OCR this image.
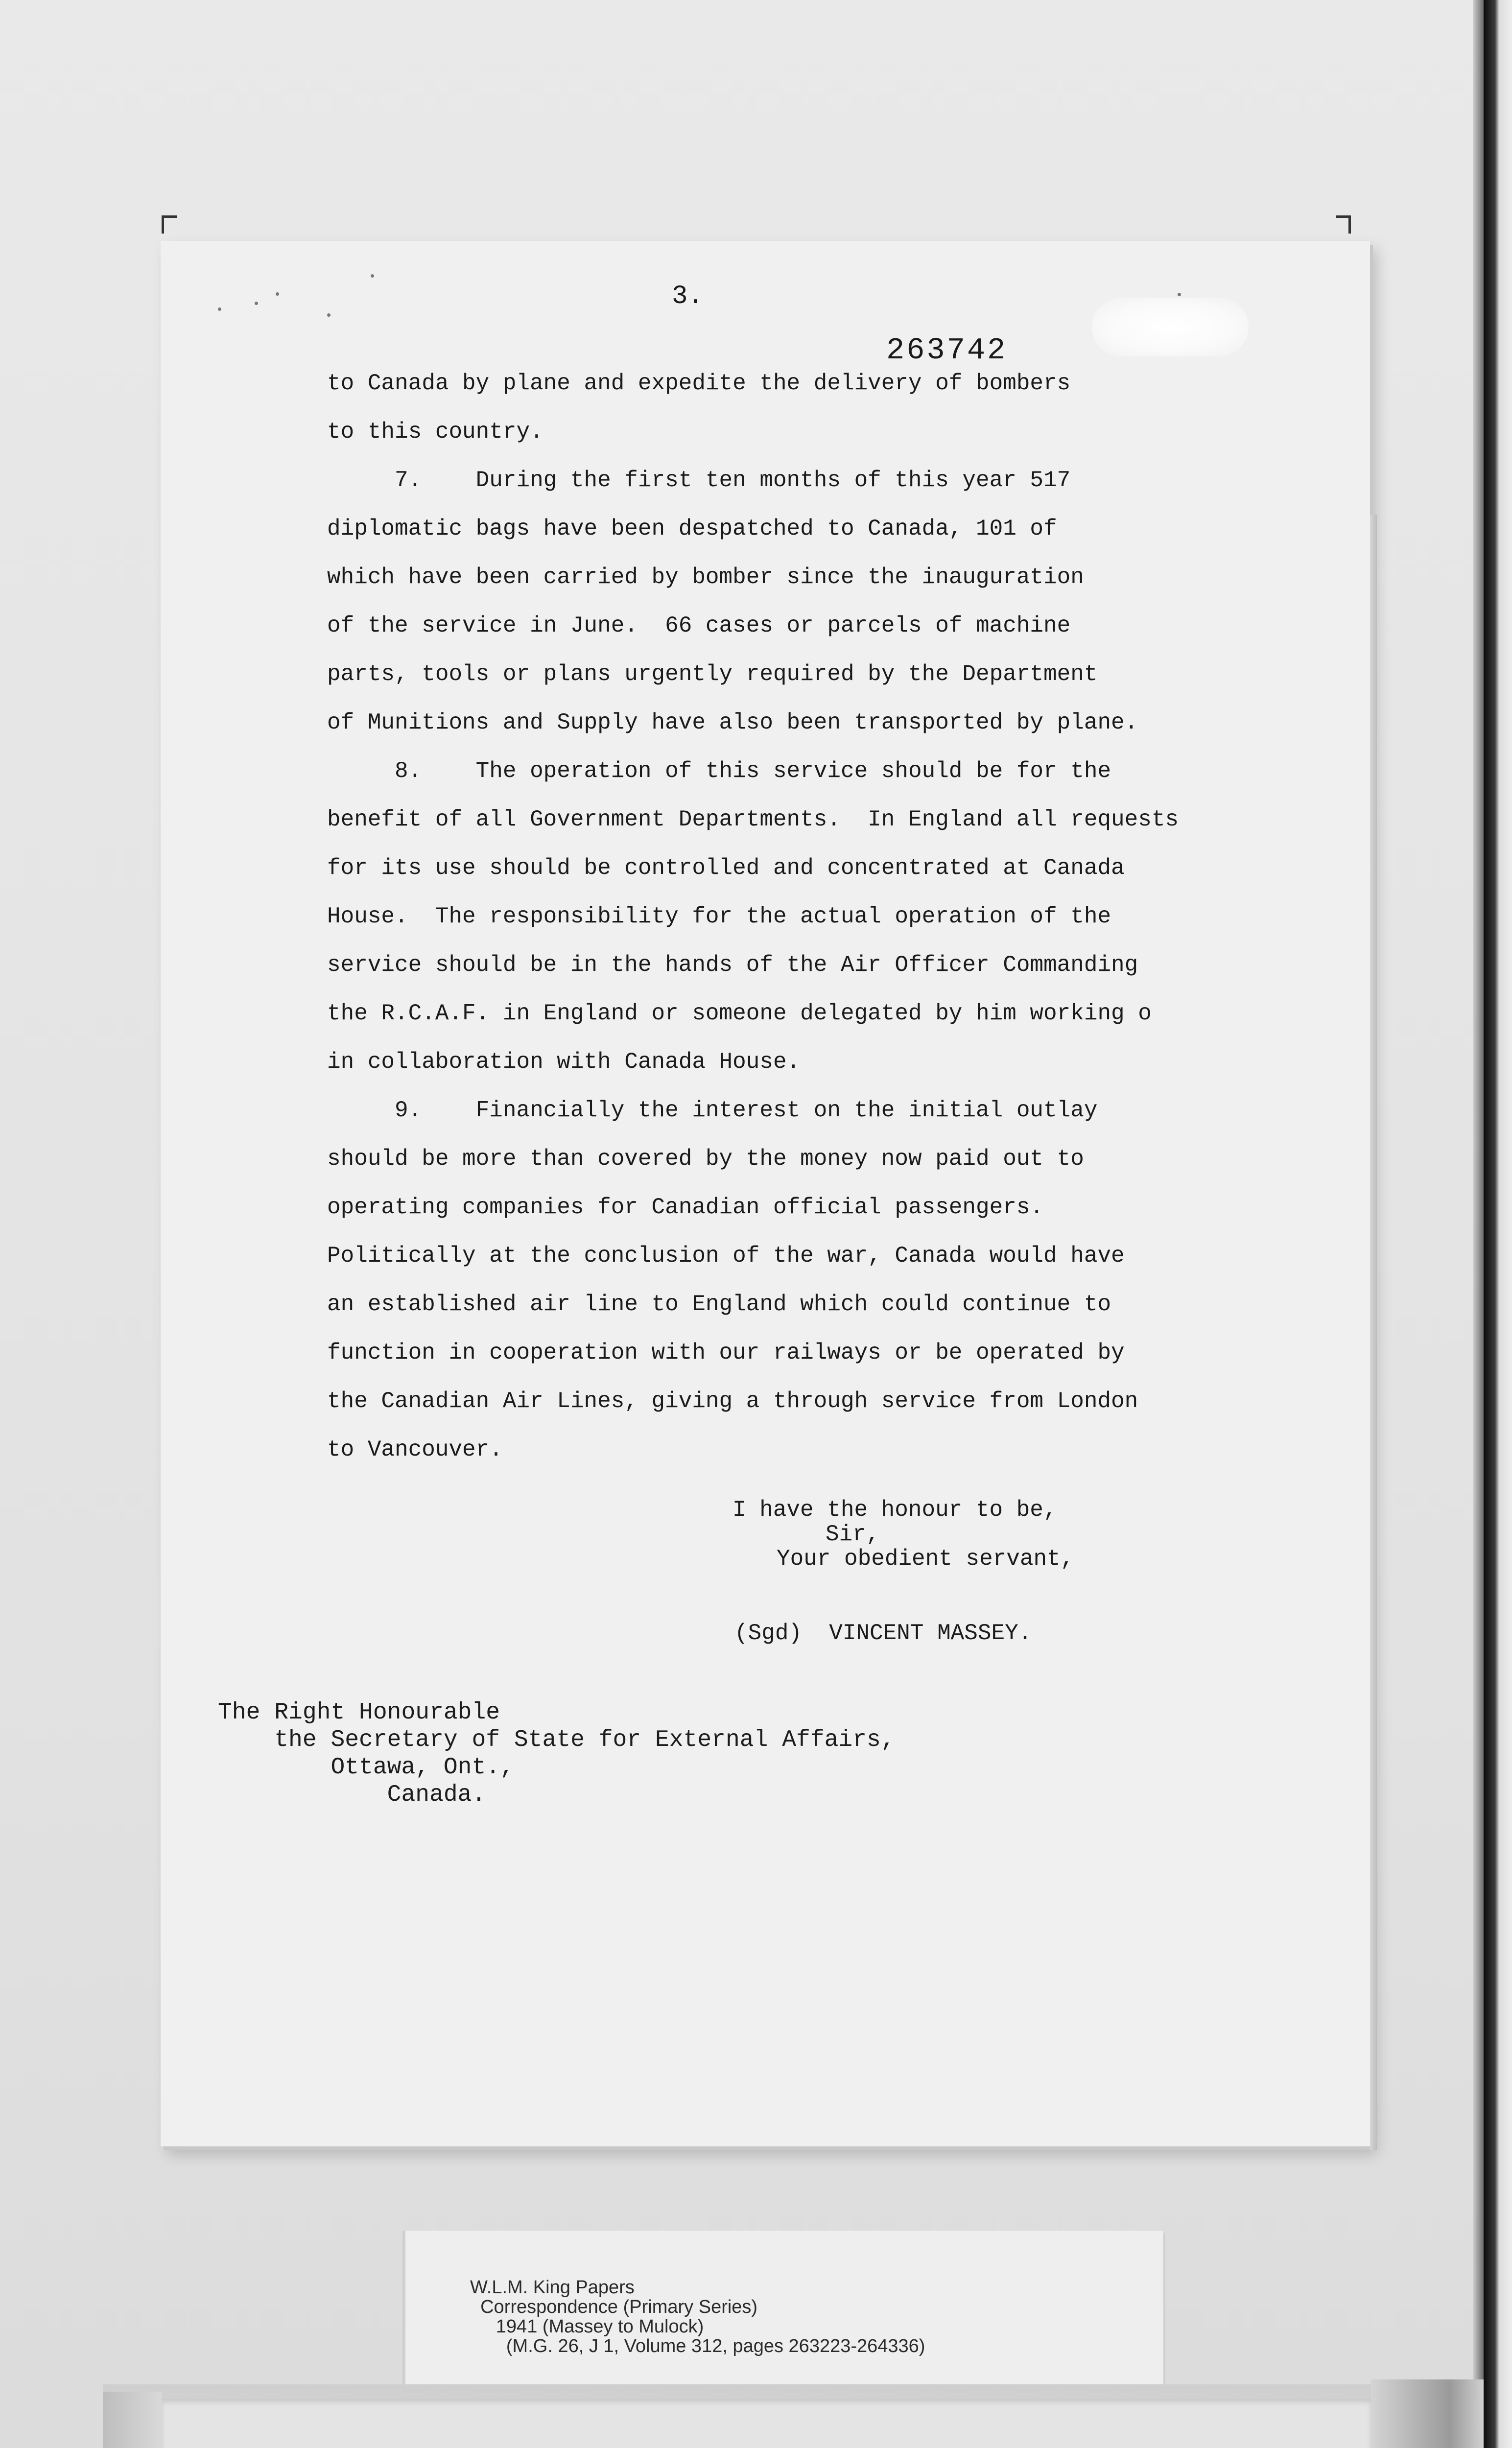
3.
263742
to Canada by plane and expedite the delivery of bombers
to this country.
7.    During the first ten months of this year 517
diplomatic bags have been despatched to Canada, 101 of
which have been carried by bomber since the inauguration
of the service in June.  66 cases or parcels of machine
parts, tools or plans urgently required by the Department
of Munitions and Supply have also been transported by plane.
8.    The operation of this service should be for the
benefit of all Government Departments.  In England all requests
for its use should be controlled and concentrated at Canada
House.  The responsibility for the actual operation of the
service should be in the hands of the Air Officer Commanding
the R.C.A.F. in England or someone delegated by him working o
in collaboration with Canada House.
9.    Financially the interest on the initial outlay
should be more than covered by the money now paid out to
operating companies for Canadian official passengers.
Politically at the conclusion of the war, Canada would have
an established air line to England which could continue to
function in cooperation with our railways or be operated by
the Canadian Air Lines, giving a through service from London
to Vancouver.
I have the honour to be,
Sir,
Your obedient servant,
(Sgd)  VINCENT MASSEY.
The Right Honourable
the Secretary of State for External Affairs,
Ottawa, Ont.,
Canada.
W.L.M. King Papers
Correspondence (Primary Series)
1941 (Massey to Mulock)
(M.G. 26, J 1, Volume 312, pages 263223-264336)
